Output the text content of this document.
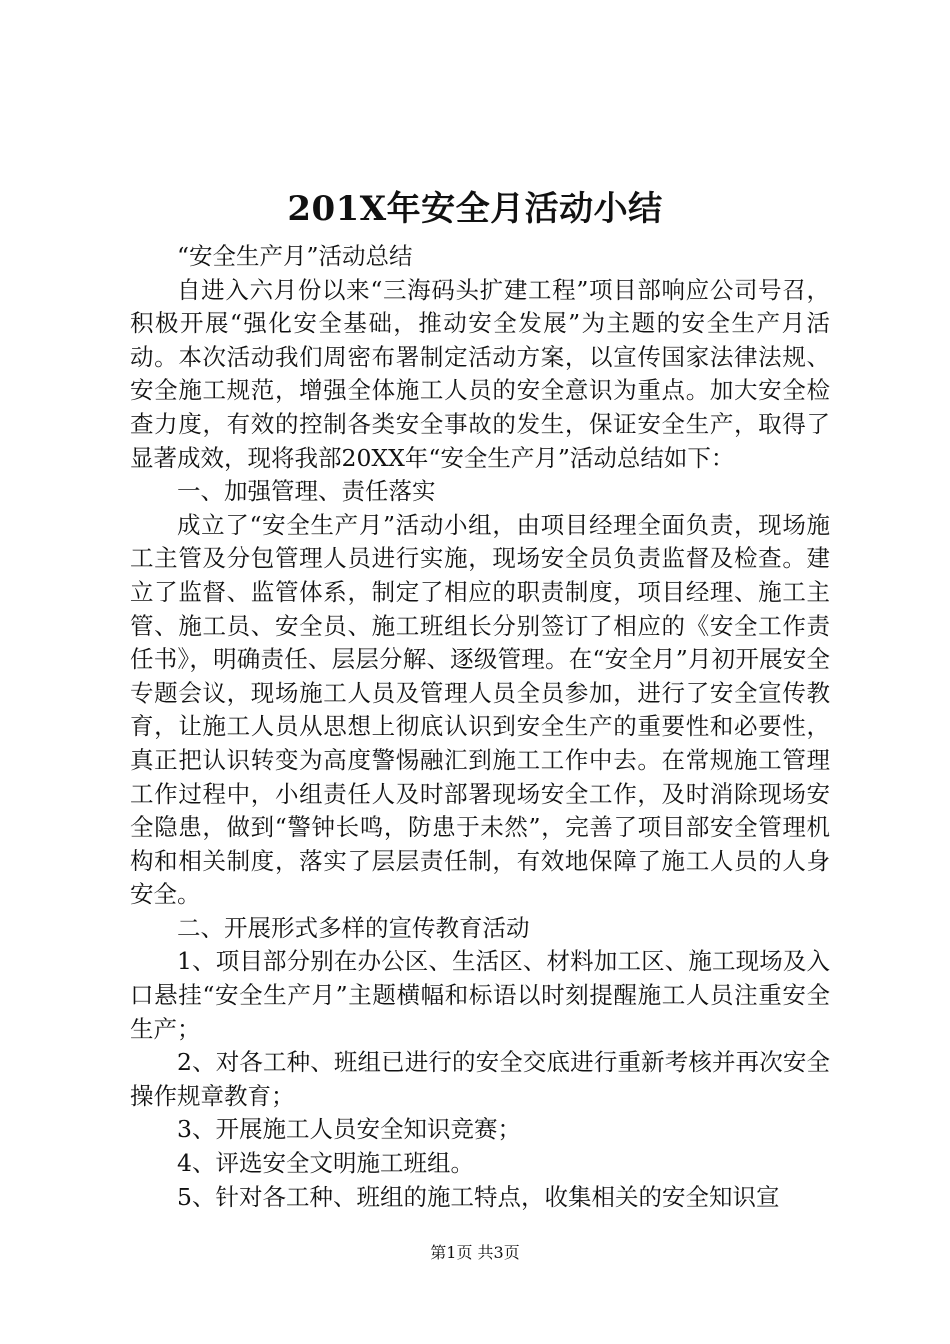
201X年安全月活动小结

“安全生产月”活动总结

自进入六月份以来“三海码头扩建工程”项目部响应公司号召，积极开展“强化安全基础，推动安全发展”为主题的安全生产月活动。本次活动我们周密布署制定活动方案，以宣传国家法律法规、安全施工规范，增强全体施工人员的安全意识为重点。加大安全检查力度，有效的控制各类安全事故的发生，保证安全生产，取得了显著成效，现将我部20XX年“安全生产月”活动总结如下：

一、加强管理、责任落实

成立了“安全生产月”活动小组，由项目经理全面负责，现场施工主管及分包管理人员进行实施，现场安全员负责监督及检查。建立了监督、监管体系，制定了相应的职责制度，项目经理、施工主管、施工员、安全员、施工班组长分别签订了相应的《安全工作责任书》，明确责任、层层分解、逐级管理。在“安全月”月初开展安全专题会议，现场施工人员及管理人员全员参加，进行了安全宣传教育，让施工人员从思想上彻底认识到安全生产的重要性和必要性，真正把认识转变为高度警惕融汇到施工工作中去。在常规施工管理工作过程中，小组责任人及时部署现场安全工作，及时消除现场安全隐患，做到“警钟长鸣，防患于未然”，完善了项目部安全管理机构和相关制度，落实了层层责任制，有效地保障了施工人员的人身安全。

二、开展形式多样的宣传教育活动

1、项目部分别在办公区、生活区、材料加工区、施工现场及入口悬挂“安全生产月”主题横幅和标语以时刻提醒施工人员注重安全生产；

2、对各工种、班组已进行的安全交底进行重新考核并再次安全操作规章教育；

3、开展施工人员安全知识竞赛；

4、评选安全文明施工班组。

5、针对各工种、班组的施工特点，收集相关的安全知识宣

第1页 共3页
